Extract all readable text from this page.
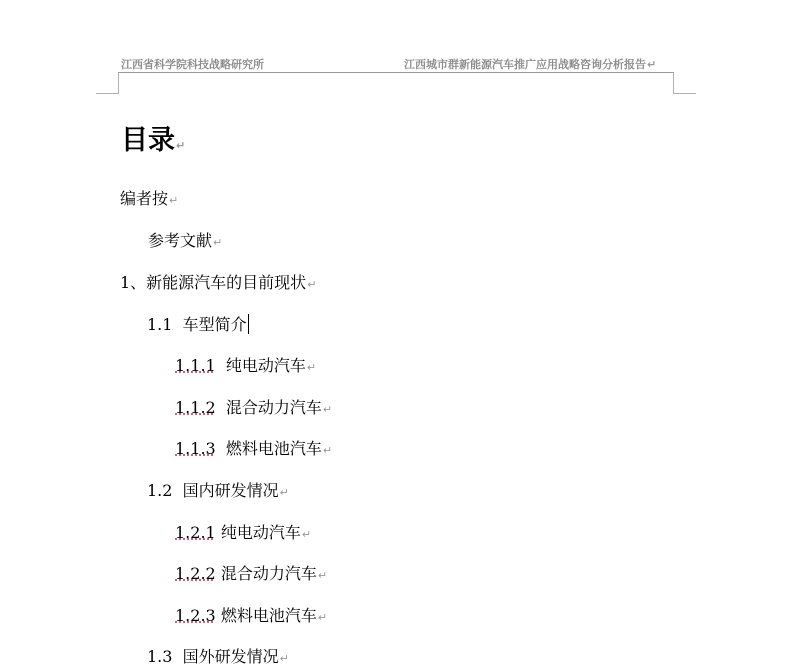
江西省科学院科技战略研究所	江西城市群新能源汽车推广应用战略咨询分析报告↵
目录↵
编者按↵
参考文献↵
1、新能源汽车的目前现状↵
1.1 车型简介
1.1.1 纯电动汽车↵
1.1.2 混合动力汽车↵
1.1.3 燃料电池汽车↵
1.2 国内研发情况↵
1.2.1 纯电动汽车↵
1.2.2 混合动力汽车↵
1.2.3 燃料电池汽车↵
1.3 国外研发情况↵
